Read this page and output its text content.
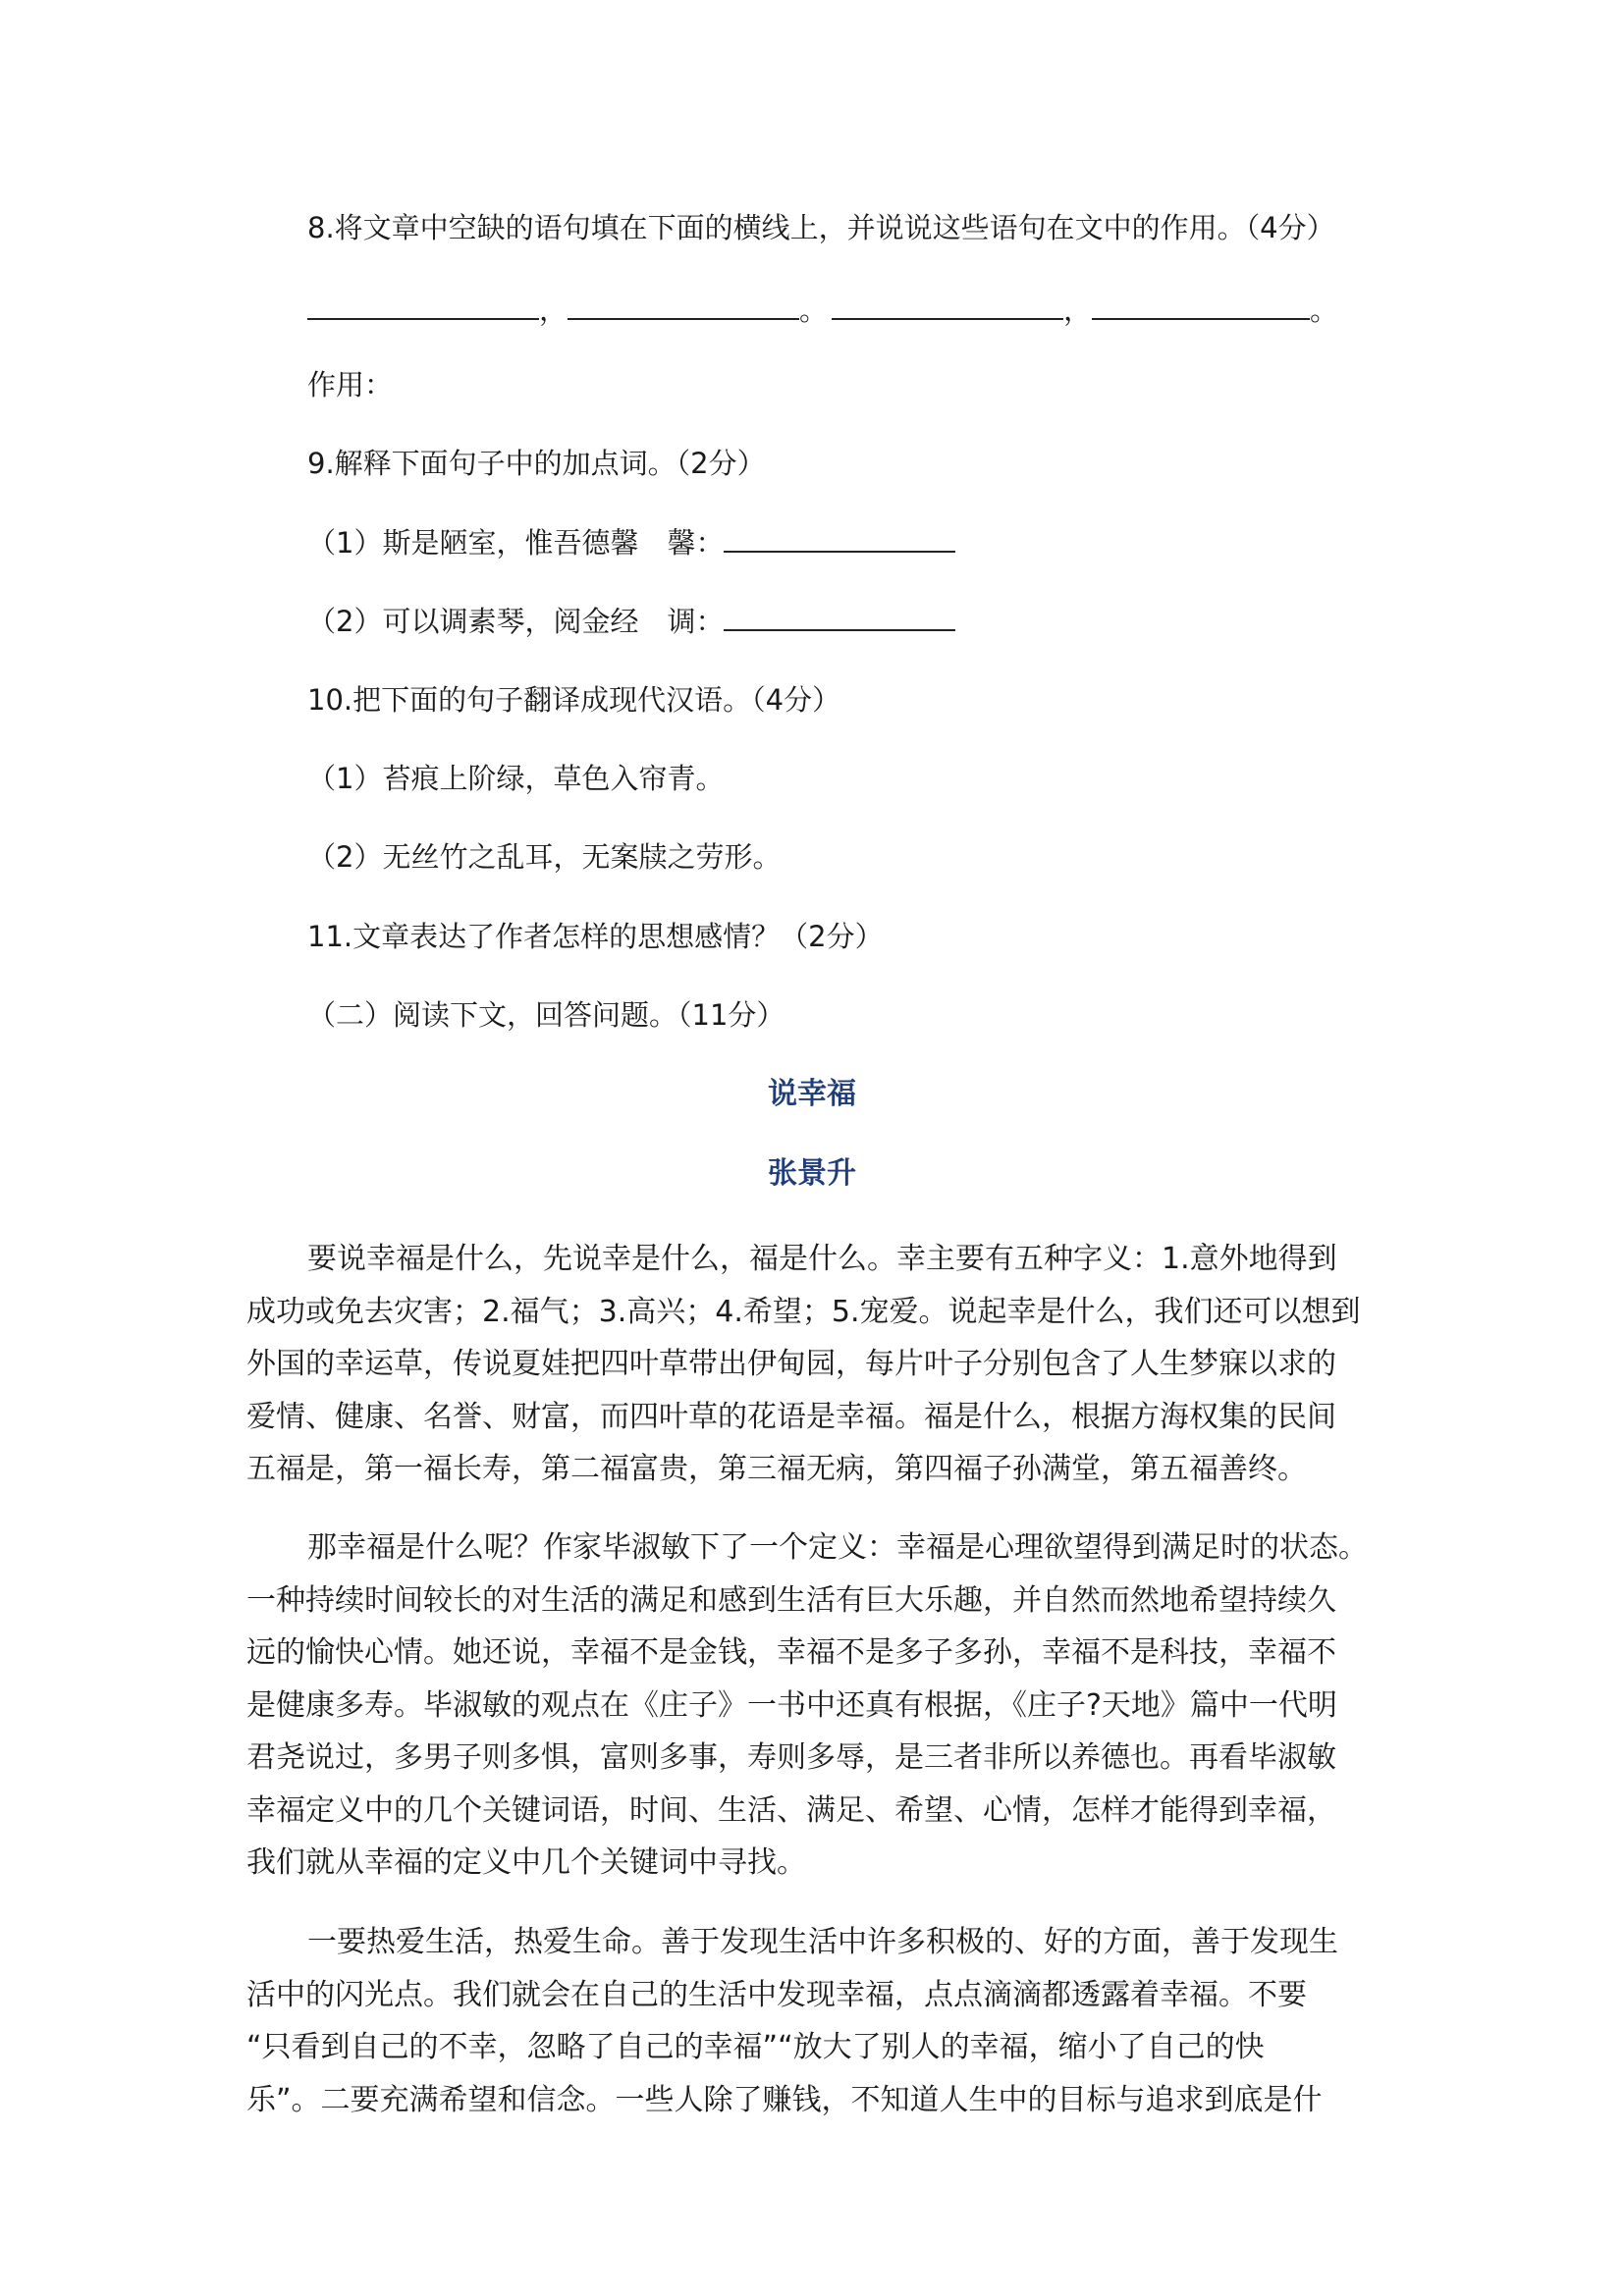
8.将文章中空缺的语句填在下面的横线上，并说说这些语句在文中的作用。（4分）
，	。	，	。
作用：
9.解释下面句子中的加点词。（2分）
（1）斯是陋室，惟吾德馨　馨：
（2）可以调素琴，阅金经　调：
10.把下面的句子翻译成现代汉语。（4分）
（1）苔痕上阶绿，草色入帘青。
（2）无丝竹之乱耳，无案牍之劳形。
11.文章表达了作者怎样的思想感情？（2分）
（二）阅读下文，回答问题。（11分）
说幸福
张景升
要说幸福是什么，先说幸是什么，福是什么。幸主要有五种字义：1.意外地得到
成功或免去灾害；2.福气；3.高兴；4.希望；5.宠爱。说起幸是什么，我们还可以想到
外国的幸运草，传说夏娃把四叶草带出伊甸园，每片叶子分别包含了人生梦寐以求的
爱情、健康、名誉、财富，而四叶草的花语是幸福。福是什么，根据方海权集的民间
五福是，第一福长寿，第二福富贵，第三福无病，第四福子孙满堂，第五福善终。
那幸福是什么呢？作家毕淑敏下了一个定义：幸福是心理欲望得到满足时的状态。
一种持续时间较长的对生活的满足和感到生活有巨大乐趣，并自然而然地希望持续久
远的愉快心情。她还说，幸福不是金钱，幸福不是多子多孙，幸福不是科技，幸福不
是健康多寿。毕淑敏的观点在《庄子》一书中还真有根据，《庄子?天地》篇中一代明
君尧说过，多男子则多惧，富则多事，寿则多辱，是三者非所以养德也。再看毕淑敏
幸福定义中的几个关键词语，时间、生活、满足、希望、心情，怎样才能得到幸福，
我们就从幸福的定义中几个关键词中寻找。
一要热爱生活，热爱生命。善于发现生活中许多积极的、好的方面，善于发现生
活中的闪光点。我们就会在自己的生活中发现幸福，点点滴滴都透露着幸福。不要
“只看到自己的不幸，忽略了自己的幸福”“放大了别人的幸福，缩小了自己的快
乐”。二要充满希望和信念。一些人除了赚钱，不知道人生中的目标与追求到底是什
